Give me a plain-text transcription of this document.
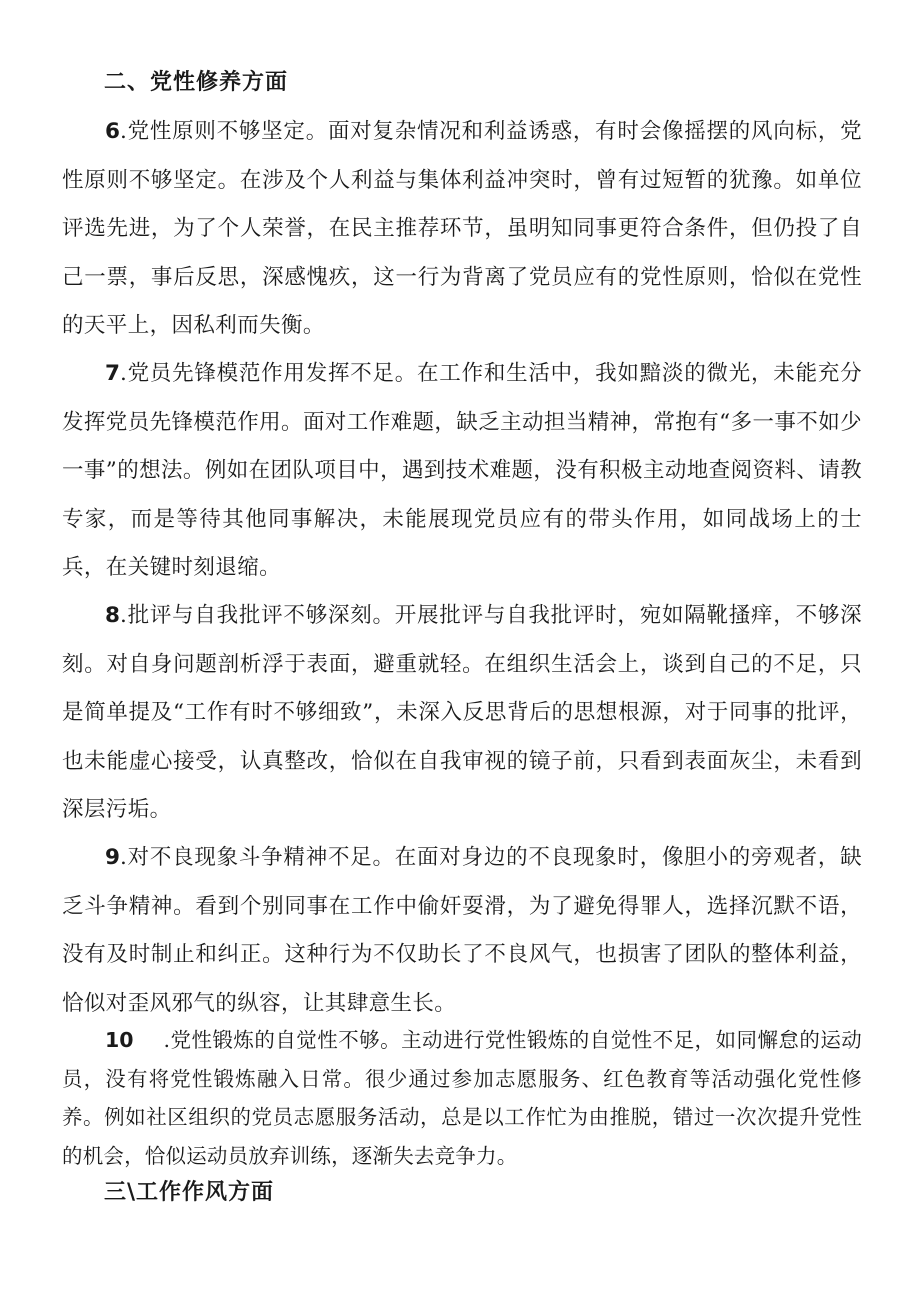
二、党性修养方面

6.党性原则不够坚定。面对复杂情况和利益诱惑，有时会像摇摆的风向标，党性原则不够坚定。在涉及个人利益与集体利益冲突时，曾有过短暂的犹豫。如单位评选先进，为了个人荣誉，在民主推荐环节，虽明知同事更符合条件，但仍投了自己一票，事后反思，深感愧疚，这一行为背离了党员应有的党性原则，恰似在党性的天平上，因私利而失衡。

7.党员先锋模范作用发挥不足。在工作和生活中，我如黯淡的微光，未能充分发挥党员先锋模范作用。面对工作难题，缺乏主动担当精神，常抱有“多一事不如少一事”的想法。例如在团队项目中，遇到技术难题，没有积极主动地查阅资料、请教专家，而是等待其他同事解决，未能展现党员应有的带头作用，如同战场上的士兵，在关键时刻退缩。

8.批评与自我批评不够深刻。开展批评与自我批评时，宛如隔靴搔痒，不够深刻。对自身问题剖析浮于表面，避重就轻。在组织生活会上，谈到自己的不足，只是简单提及“工作有时不够细致”，未深入反思背后的思想根源，对于同事的批评，也未能虚心接受，认真整改，恰似在自我审视的镜子前，只看到表面灰尘，未看到深层污垢。

9.对不良现象斗争精神不足。在面对身边的不良现象时，像胆小的旁观者，缺乏斗争精神。看到个别同事在工作中偷奸耍滑，为了避免得罪人，选择沉默不语，没有及时制止和纠正。这种行为不仅助长了不良风气，也损害了团队的整体利益，恰似对歪风邪气的纵容，让其肆意生长。

10 .党性锻炼的自觉性不够。主动进行党性锻炼的自觉性不足，如同懈怠的运动员，没有将党性锻炼融入日常。很少通过参加志愿服务、红色教育等活动强化党性修养。例如社区组织的党员志愿服务活动，总是以工作忙为由推脱，错过一次次提升党性的机会，恰似运动员放弃训练，逐渐失去竞争力。

三\工作作风方面
